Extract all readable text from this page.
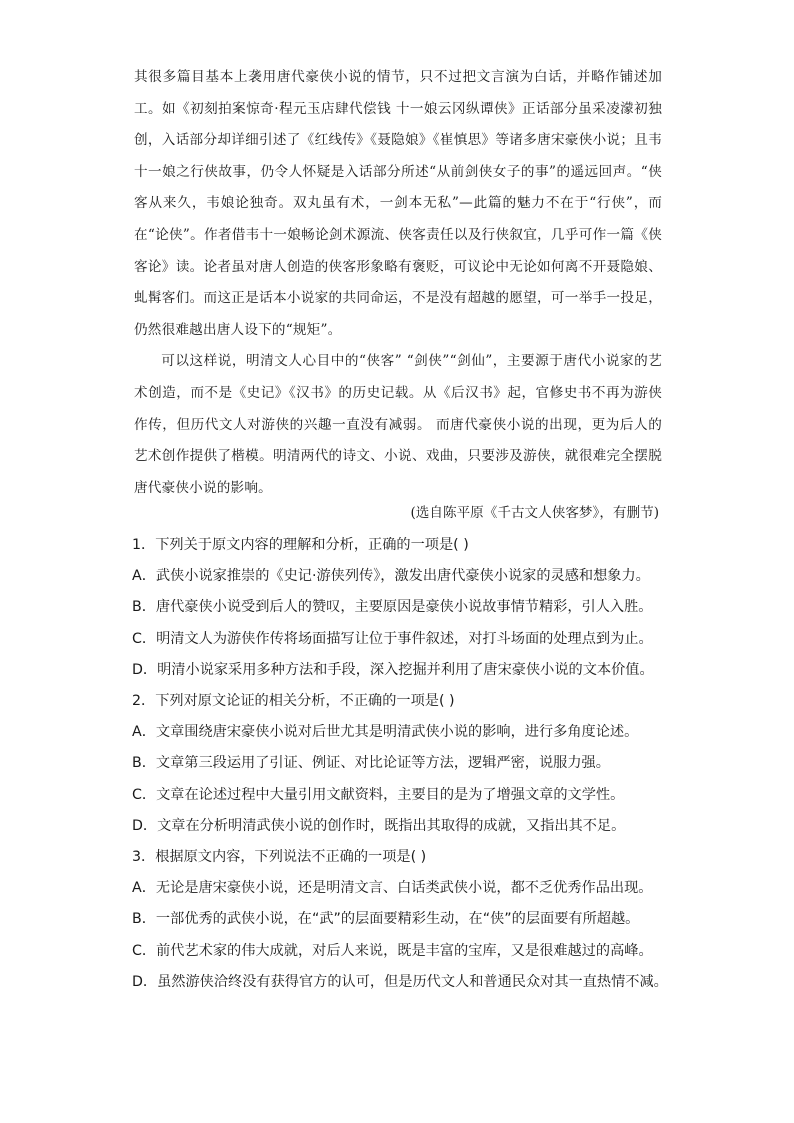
其很多篇目基本上袭用唐代豪侠小说的情节，只不过把文言演为白话，并略作铺述加工。如《初刻拍案惊奇·程元玉店肆代偿钱 十一娘云冈纵谭侠》正话部分虽采凌濛初独创，入话部分却详细引述了《红线传》《聂隐娘》《崔慎思》等诸多唐宋豪侠小说；且韦十一娘之行侠故事，仍令人怀疑是入话部分所述“从前剑侠女子的事”的遥远回声。“侠客从来久，韦娘论独奇。双丸虽有术，一剑本无私”—此篇的魅力不在于“行侠”，而在“论侠”。作者借韦十一娘畅论剑术源流、侠客责任以及行侠叙宜，几乎可作一篇《侠客论》读。论者虽对唐人创造的侠客形象略有褒贬，可议论中无论如何离不开聂隐娘、虬髯客们。而这正是话本小说家的共同命运，不是没有超越的愿望，可一举手一投足，仍然很难越出唐人设下的“规矩”。

可以这样说，明清文人心目中的“侠客” “剑侠”“剑仙”，主要源于唐代小说家的艺术创造，而不是《史记》《汉书》的历史记载。从《后汉书》起，官修史书不再为游侠作传，但历代文人对游侠的兴趣一直没有减弱。 而唐代豪侠小说的出现，更为后人的艺术创作提供了楷模。明清两代的诗文、小说、戏曲，只要涉及游侠，就很难完全摆脱唐代豪侠小说的影响。

(选自陈平原《千古文人侠客梦》，有删节)
1．下列关于原文内容的理解和分析，正确的一项是( )
A．武侠小说家推崇的《史记·游侠列传》，激发出唐代豪侠小说家的灵感和想象力。
B．唐代豪侠小说受到后人的赞叹，主要原因是豪侠小说故事情节精彩，引人入胜。
C．明清文人为游侠作传将场面描写让位于事件叙述，对打斗场面的处理点到为止。
D．明清小说家采用多种方法和手段，深入挖掘并利用了唐宋豪侠小说的文本价值。
2．下列对原文论证的相关分析，不正确的一项是( )
A．文章围绕唐宋豪侠小说对后世尤其是明清武侠小说的影响，进行多角度论述。
B．文章第三段运用了引证、例证、对比论证等方法，逻辑严密，说服力强。
C．文章在论述过程中大量引用文献资料，主要目的是为了增强文章的文学性。
D．文章在分析明清武侠小说的创作时，既指出其取得的成就，又指出其不足。
3．根据原文内容，下列说法不正确的一项是( )
A．无论是唐宋豪侠小说，还是明清文言、白话类武侠小说，都不乏优秀作品出现。
B．一部优秀的武侠小说，在“武”的层面要精彩生动，在“侠”的层面要有所超越。
C．前代艺术家的伟大成就，对后人来说，既是丰富的宝库，又是很难越过的高峰。
D．虽然游侠洽终没有获得官方的认可，但是历代文人和普通民众对其一直热情不减。
